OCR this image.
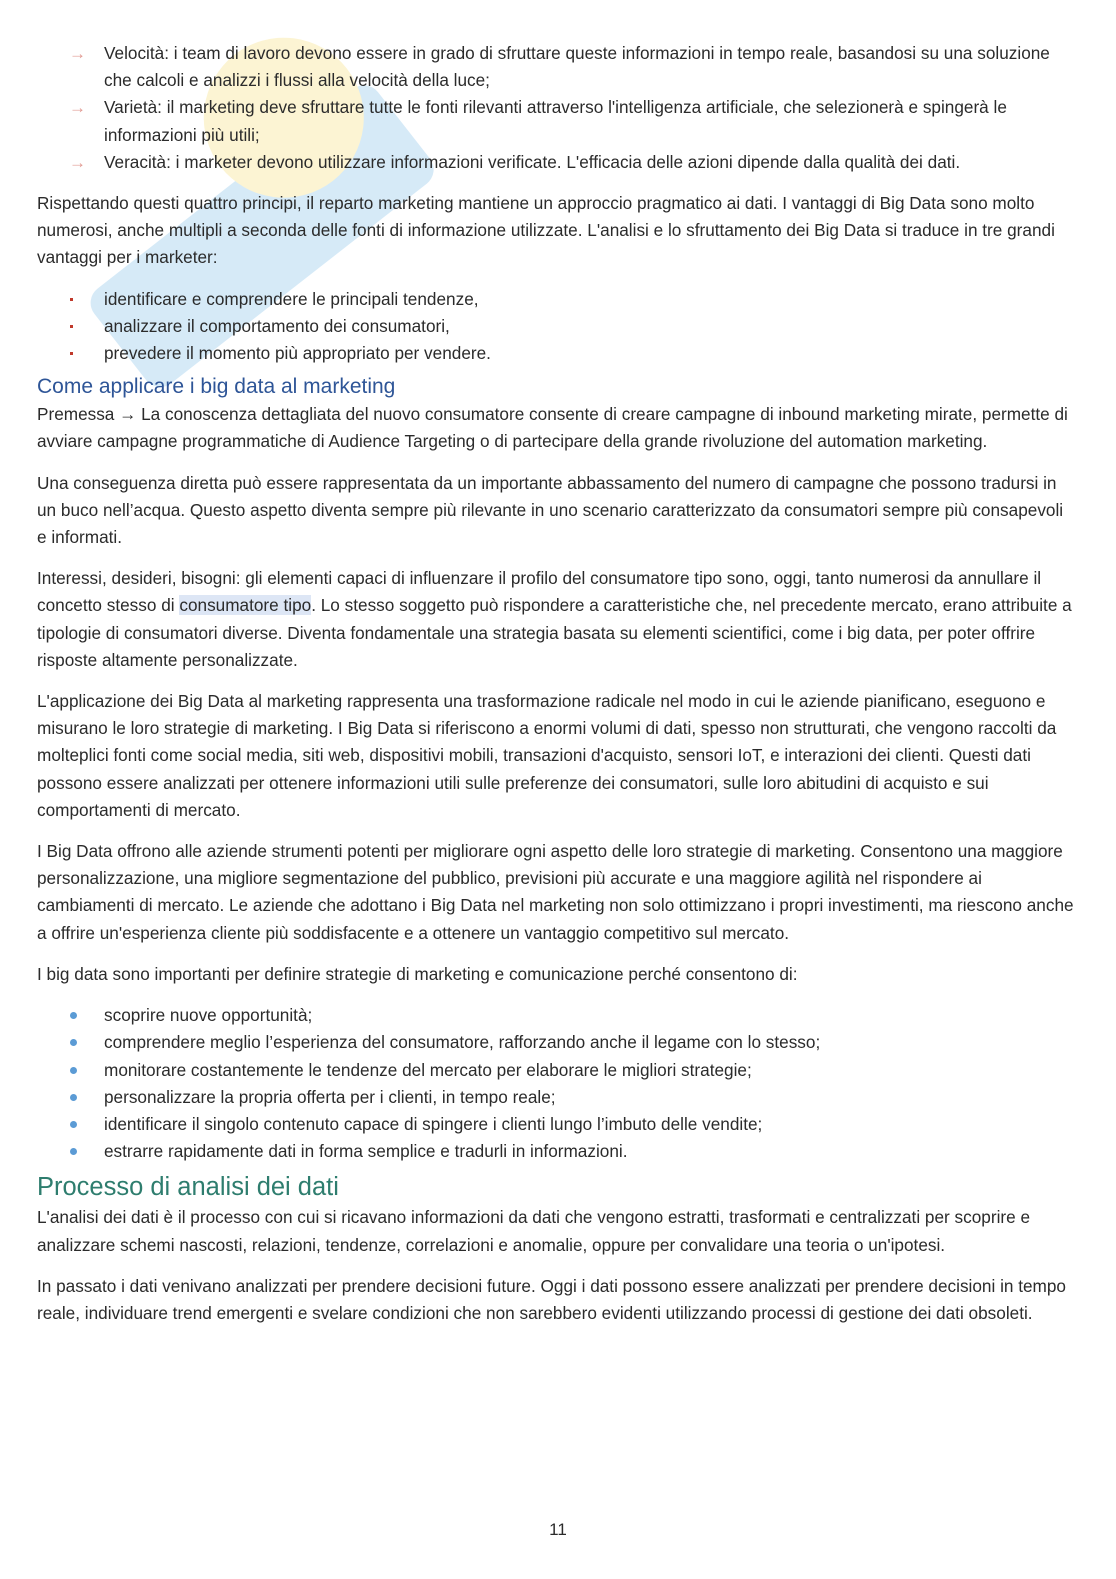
→ Velocità: i team di lavoro devono essere in grado di sfruttare queste informazioni in tempo reale, basandosi su una soluzione che calcoli e analizzi i flussi alla velocità della luce;
→ Varietà: il marketing deve sfruttare tutte le fonti rilevanti attraverso l'intelligenza artificiale, che selezionerà e spingerà le informazioni più utili;
→ Veracità: i marketer devono utilizzare informazioni verificate. L'efficacia delle azioni dipende dalla qualità dei dati.

Rispettando questi quattro principi, il reparto marketing mantiene un approccio pragmatico ai dati. I vantaggi di Big Data sono molto numerosi, anche multipli a seconda delle fonti di informazione utilizzate. L'analisi e lo sfruttamento dei Big Data si traduce in tre grandi vantaggi per i marketer:

identificare e comprendere le principali tendenze,
analizzare il comportamento dei consumatori,
prevedere il momento più appropriato per vendere.
Come applicare i big data al marketing

Premessa → La conoscenza dettagliata del nuovo consumatore consente di creare campagne di inbound marketing mirate, permette di avviare campagne programmatiche di Audience Targeting o di partecipare della grande rivoluzione del automation marketing.

Una conseguenza diretta può essere rappresentata da un importante abbassamento del numero di campagne che possono tradursi in un buco nell’acqua. Questo aspetto diventa sempre più rilevante in uno scenario caratterizzato da consumatori sempre più consapevoli e informati.

Interessi, desideri, bisogni: gli elementi capaci di influenzare il profilo del consumatore tipo sono, oggi, tanto numerosi da annullare il concetto stesso di consumatore tipo. Lo stesso soggetto può rispondere a caratteristiche che, nel precedente mercato, erano attribuite a tipologie di consumatori diverse. Diventa fondamentale una strategia basata su elementi scientifici, come i big data, per poter offrire risposte altamente personalizzate.

L'applicazione dei Big Data al marketing rappresenta una trasformazione radicale nel modo in cui le aziende pianificano, eseguono e misurano le loro strategie di marketing. I Big Data si riferiscono a enormi volumi di dati, spesso non strutturati, che vengono raccolti da molteplici fonti come social media, siti web, dispositivi mobili, transazioni d'acquisto, sensori IoT, e interazioni dei clienti. Questi dati possono essere analizzati per ottenere informazioni utili sulle preferenze dei consumatori, sulle loro abitudini di acquisto e sui comportamenti di mercato.

I Big Data offrono alle aziende strumenti potenti per migliorare ogni aspetto delle loro strategie di marketing. Consentono una maggiore personalizzazione, una migliore segmentazione del pubblico, previsioni più accurate e una maggiore agilità nel rispondere ai cambiamenti di mercato. Le aziende che adottano i Big Data nel marketing non solo ottimizzano i propri investimenti, ma riescono anche a offrire un'esperienza cliente più soddisfacente e a ottenere un vantaggio competitivo sul mercato.

I big data sono importanti per definire strategie di marketing e comunicazione perché consentono di:

scoprire nuove opportunità;
comprendere meglio l’esperienza del consumatore, rafforzando anche il legame con lo stesso;
monitorare costantemente le tendenze del mercato per elaborare le migliori strategie;
personalizzare la propria offerta per i clienti, in tempo reale;
identificare il singolo contenuto capace di spingere i clienti lungo l’imbuto delle vendite;
estrarre rapidamente dati in forma semplice e tradurli in informazioni.
Processo di analisi dei dati

L'analisi dei dati è il processo con cui si ricavano informazioni da dati che vengono estratti, trasformati e centralizzati per scoprire e analizzare schemi nascosti, relazioni, tendenze, correlazioni e anomalie, oppure per convalidare una teoria o un'ipotesi.

In passato i dati venivano analizzati per prendere decisioni future. Oggi i dati possono essere analizzati per prendere decisioni in tempo reale, individuare trend emergenti e svelare condizioni che non sarebbero evidenti utilizzando processi di gestione dei dati obsoleti.

11
